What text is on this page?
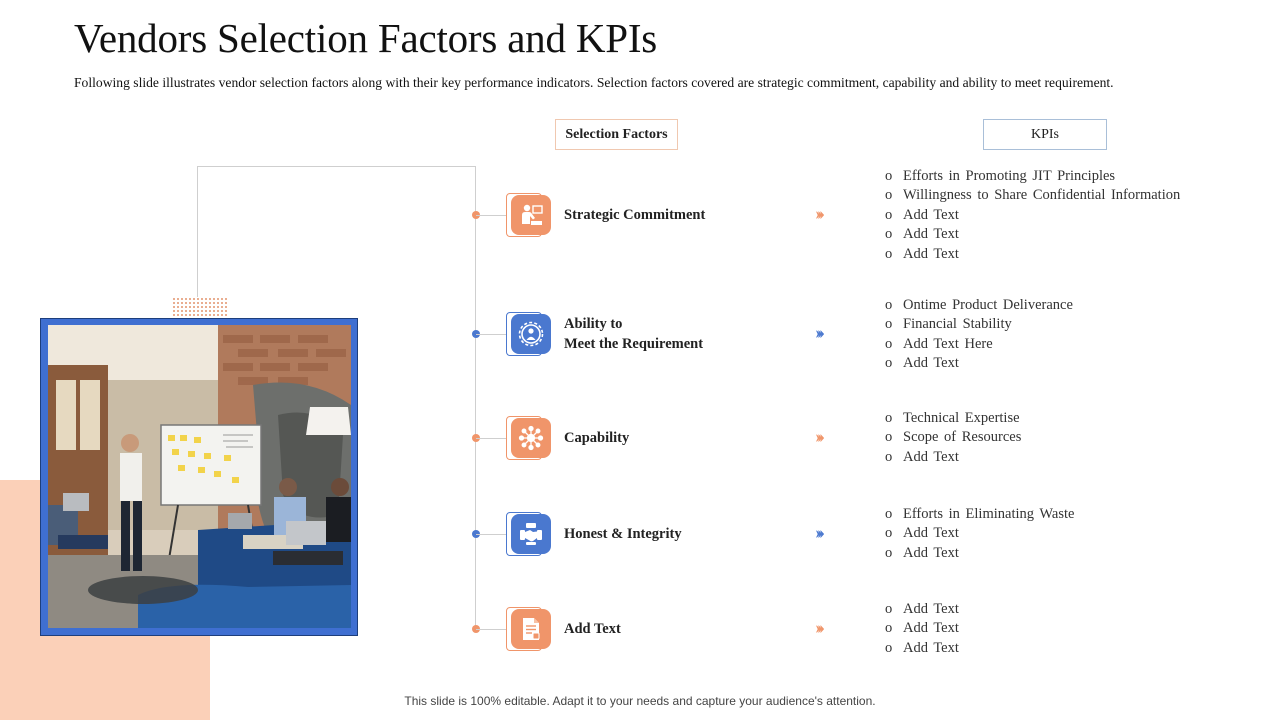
Vendors Selection Factors and KPIs
Following slide illustrates vendor selection factors along with their key performance indicators. Selection factors covered are strategic commitment, capability and ability to meet requirement.
Selection Factors	KPIs
Strategic Commitment	›››
o Efforts in Promoting JIT Principles
o Willingness to Share Confidential Information
o Add Text
o Add Text
o Add Text
Ability to
Meet the Requirement
›››
o Ontime Product Deliverance
o Financial Stability
o Add Text Here
o Add Text
Capability	›››
o Technical Expertise
o Scope of Resources
o Add Text
Honest & Integrity	›››
o Efforts in Eliminating Waste
o Add Text
o Add Text
Add Text	›››
o Add Text
o Add Text
o Add Text
This slide is 100% editable. Adapt it to your needs and capture your audience's attention.
